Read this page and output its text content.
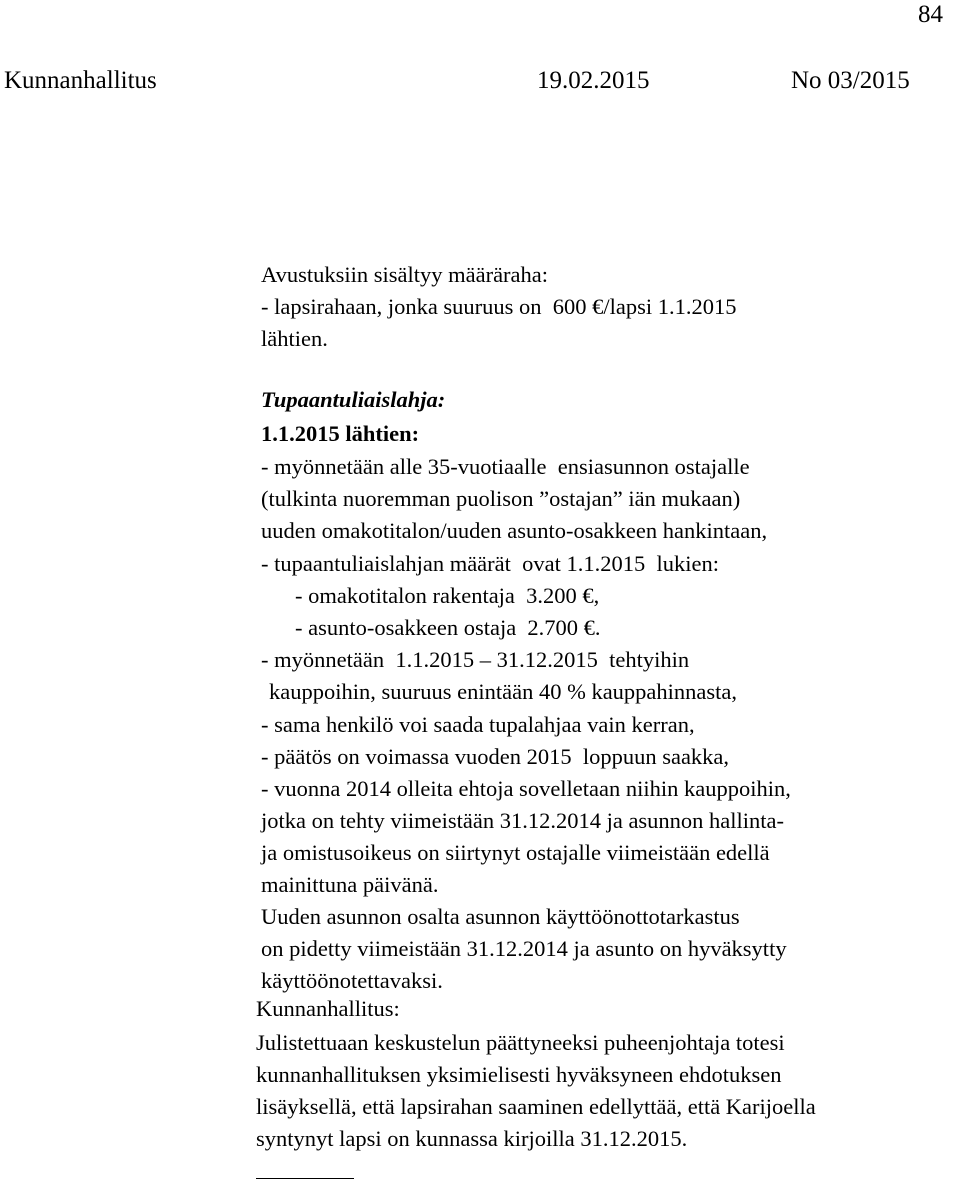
84
Kunnanhallitus	19.02.2015	No 03/2015
Avustuksiin sisältyy määräraha:
- lapsirahaan, jonka suuruus on  600 €/lapsi 1.1.2015
lähtien.
Tupaantuliaislahja:
1.1.2015 lähtien:
- myönnetään alle 35-vuotiaalle  ensiasunnon ostajalle
(tulkinta nuoremman puolison ”ostajan” iän mukaan)
uuden omakotitalon/uuden asunto-osakkeen hankintaan,
- tupaantuliaislahjan määrät  ovat 1.1.2015  lukien:
- omakotitalon rakentaja  3.200 €,
- asunto-osakkeen ostaja  2.700 €.
- myönnetään  1.1.2015 – 31.12.2015  tehtyihin
kauppoihin, suuruus enintään 40 % kauppahinnasta,
- sama henkilö voi saada tupalahjaa vain kerran,
- päätös on voimassa vuoden 2015  loppuun saakka,
- vuonna 2014 olleita ehtoja sovelletaan niihin kauppoihin,
jotka on tehty viimeistään 31.12.2014 ja asunnon hallinta-
ja omistusoikeus on siirtynyt ostajalle viimeistään edellä
mainittuna päivänä.
Uuden asunnon osalta asunnon käyttöönottotarkastus
on pidetty viimeistään 31.12.2014 ja asunto on hyväksytty
käyttöönotettavaksi.
Kunnanhallitus:
Julistettuaan keskustelun päättyneeksi puheenjohtaja totesi
kunnanhallituksen yksimielisesti hyväksyneen ehdotuksen
lisäyksellä, että lapsirahan saaminen edellyttää, että Karijoella
syntynyt lapsi on kunnassa kirjoilla 31.12.2015.
